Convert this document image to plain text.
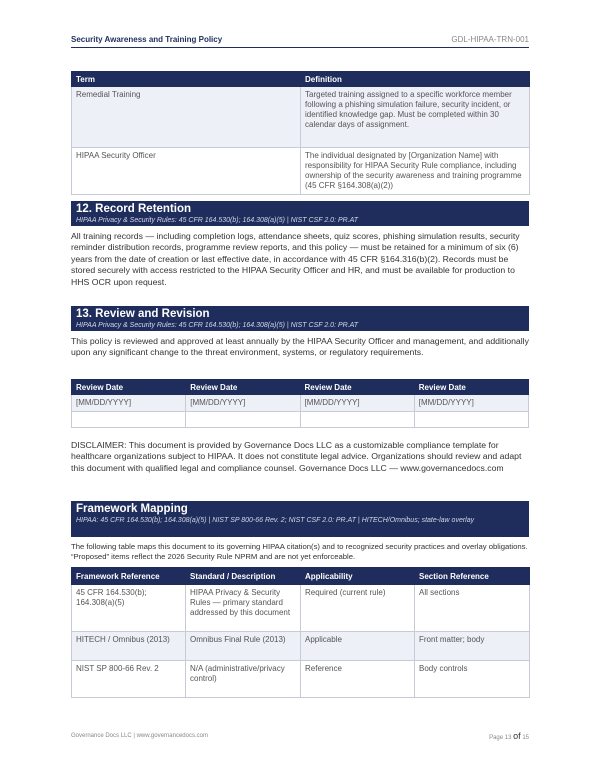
Security Awareness and Training Policy	GDL-HIPAA-TRN-001
Term	Definition
Remedial Training	Targeted training assigned to a specific workforce member following a phishing simulation failure, security incident, or identified knowledge gap. Must be completed within 30 calendar days of assignment.
HIPAA Security Officer	The individual designated by [Organization Name] with responsibility for HIPAA Security Rule compliance, including ownership of the security awareness and training programme (45 CFR §164.308(a)(2))
12. Record Retention
HIPAA Privacy & Security Rules: 45 CFR 164.530(b); 164.308(a)(5) | NIST CSF 2.0: PR.AT

All training records — including completion logs, attendance sheets, quiz scores, phishing simulation results, security reminder distribution records, programme review reports, and this policy — must be retained for a minimum of six (6) years from the date of creation or last effective date, in accordance with 45 CFR §164.316(b)(2). Records must be stored securely with access restricted to the HIPAA Security Officer and HR, and must be available for production to HHS OCR upon request.

13. Review and Revision
HIPAA Privacy & Security Rules: 45 CFR 164.530(b); 164.308(a)(5) | NIST CSF 2.0: PR.AT

This policy is reviewed and approved at least annually by the HIPAA Security Officer and management, and additionally upon any significant change to the threat environment, systems, or regulatory requirements.

Review Date	Review Date	Review Date	Review Date
[MM/DD/YYYY]	[MM/DD/YYYY]	[MM/DD/YYYY]	[MM/DD/YYYY]

DISCLAIMER: This document is provided by Governance Docs LLC as a customizable compliance template for healthcare organizations subject to HIPAA. It does not constitute legal advice. Organizations should review and adapt this document with qualified legal and compliance counsel. Governance Docs LLC — www.governancedocs.com

Framework Mapping
HIPAA: 45 CFR 164.530(b); 164.308(a)(5) | NIST SP 800-66 Rev. 2; NIST CSF 2.0: PR.AT | HITECH/Omnibus; state-law overlay

The following table maps this document to its governing HIPAA citation(s) and to recognized security practices and overlay obligations. “Proposed” items reflect the 2026 Security Rule NPRM and are not yet enforceable.

Framework Reference	Standard / Description	Applicability	Section Reference
45 CFR 164.530(b); 164.308(a)(5)	HIPAA Privacy & Security Rules — primary standard addressed by this document	Required (current rule)	All sections
HITECH / Omnibus (2013)	Omnibus Final Rule (2013)	Applicable	Front matter; body
NIST SP 800-66 Rev. 2	N/A (administrative/privacy control)	Reference	Body controls
Governance Docs LLC | www.governancedocs.com	Page 13 of 15
